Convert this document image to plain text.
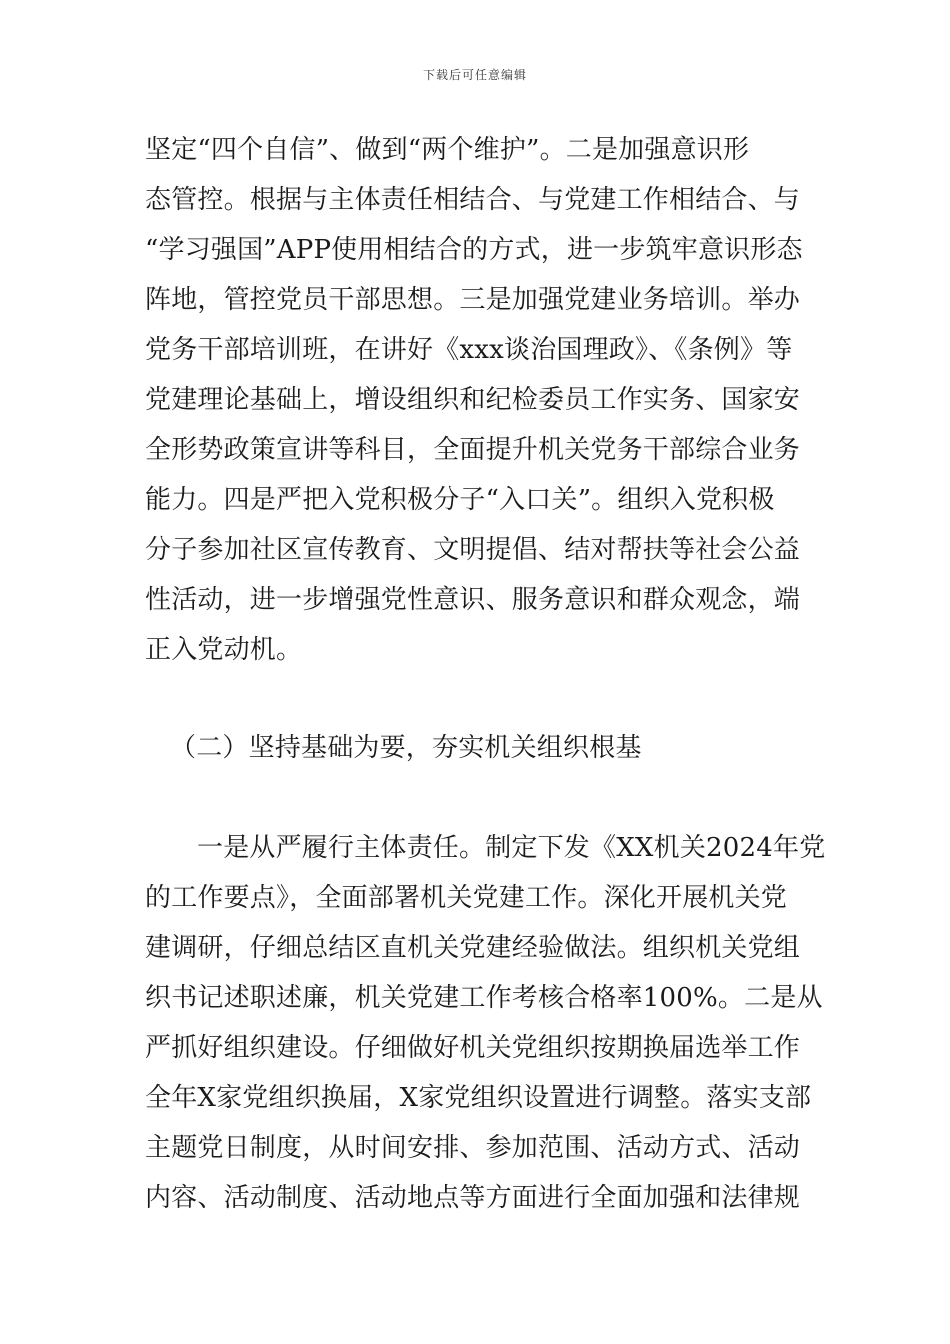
下载后可任意编辑
坚定“四个自信”、做到“两个维护”。二是加强意识形
态管控。根据与主体责任相结合、与党建工作相结合、与
“学习强国”APP使用相结合的方式，进一步筑牢意识形态
阵地，管控党员干部思想。三是加强党建业务培训。举办
党务干部培训班，在讲好《xxx谈治国理政》、《条例》等
党建理论基础上，增设组织和纪检委员工作实务、国家安
全形势政策宣讲等科目，全面提升机关党务干部综合业务
能力。四是严把入党积极分子“入口关”。组织入党积极
分子参加社区宣传教育、文明提倡、结对帮扶等社会公益
性活动，进一步增强党性意识、服务意识和群众观念，端
正入党动机。
（二）坚持基础为要，夯实机关组织根基
一是从严履行主体责任。制定下发《XX机关2024年党
的工作要点》，全面部署机关党建工作。深化开展机关党
建调研，仔细总结区直机关党建经验做法。组织机关党组
织书记述职述廉，机关党建工作考核合格率100%。二是从
严抓好组织建设。仔细做好机关党组织按期换届选举工作
全年X家党组织换届，X家党组织设置进行调整。落实支部
主题党日制度，从时间安排、参加范围、活动方式、活动
内容、活动制度、活动地点等方面进行全面加强和法律规
